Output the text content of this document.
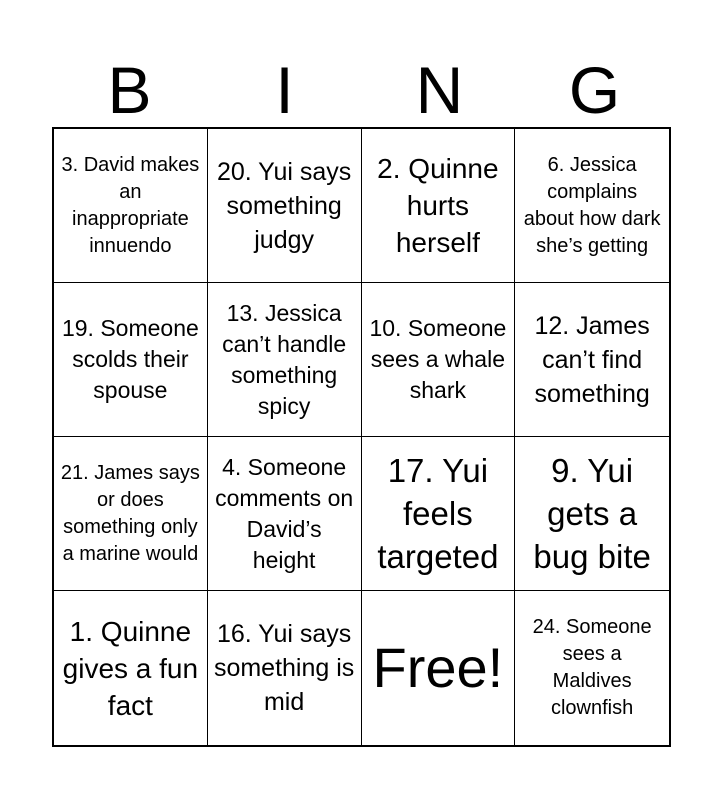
B	I	N	G
3. David makes an inappropriate innuendo
20. Yui says something judgy
2. Quinne hurts herself
6. Jessica complains about how dark she’s getting
19. Someone scolds their spouse
13. Jessica can’t handle something spicy
10. Someone sees a whale shark
12. James can’t find something
21. James says or does something only a marine would
4. Someone comments on David’s height
17. Yui feels targeted
9. Yui gets a bug bite
1. Quinne gives a fun fact
16. Yui says something is mid
Free!
24. Someone sees a Maldives clownfish
